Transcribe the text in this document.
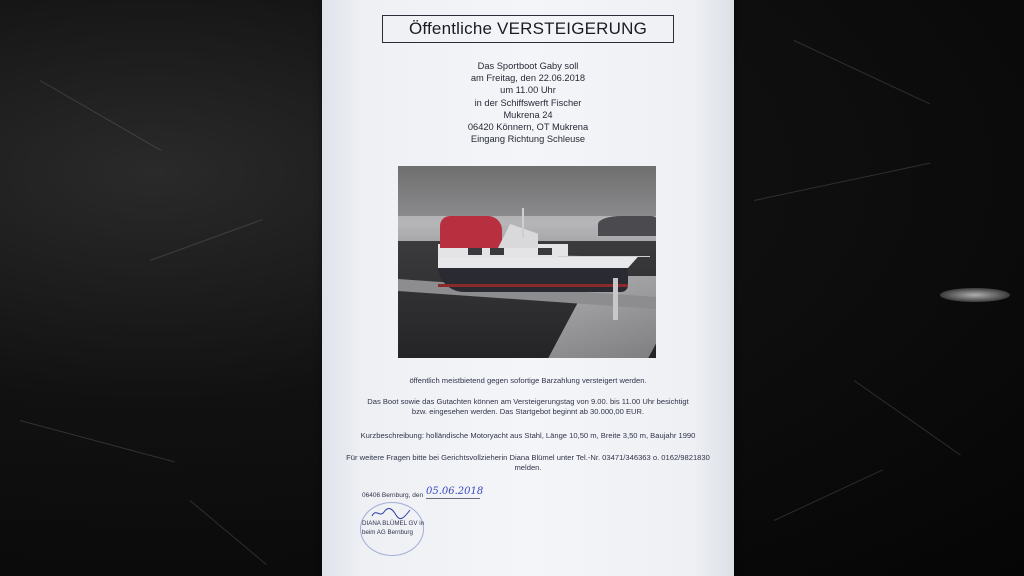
Öffentliche VERSTEIGERUNG
Das Sportboot Gaby soll
am Freitag, den 22.06.2018
um 11.00 Uhr
in der Schiffswerft Fischer
Mukrena 24
06420 Könnern, OT Mukrena
Eingang Richtung Schleuse
öffentlich meistbietend gegen sofortige Barzahlung versteigert werden.
Das Boot sowie das Gutachten können am Versteigerungstag von 9.00. bis 11.00 Uhr besichtigt
bzw. eingesehen werden. Das Startgebot beginnt ab 30.000,00 EUR.
Kurzbeschreibung: holländische Motoryacht aus Stahl, Länge 10,50 m, Breite 3,50 m, Baujahr 1990
Für weitere Fragen bitte bei Gerichtsvollzieherin Diana Blümel unter Tel.-Nr. 03471/346363 o. 0162/9821830
melden.
06406 Bernburg, den 05.06.2018
DIANA BLÜMEL GV in
beim AG Bernburg
